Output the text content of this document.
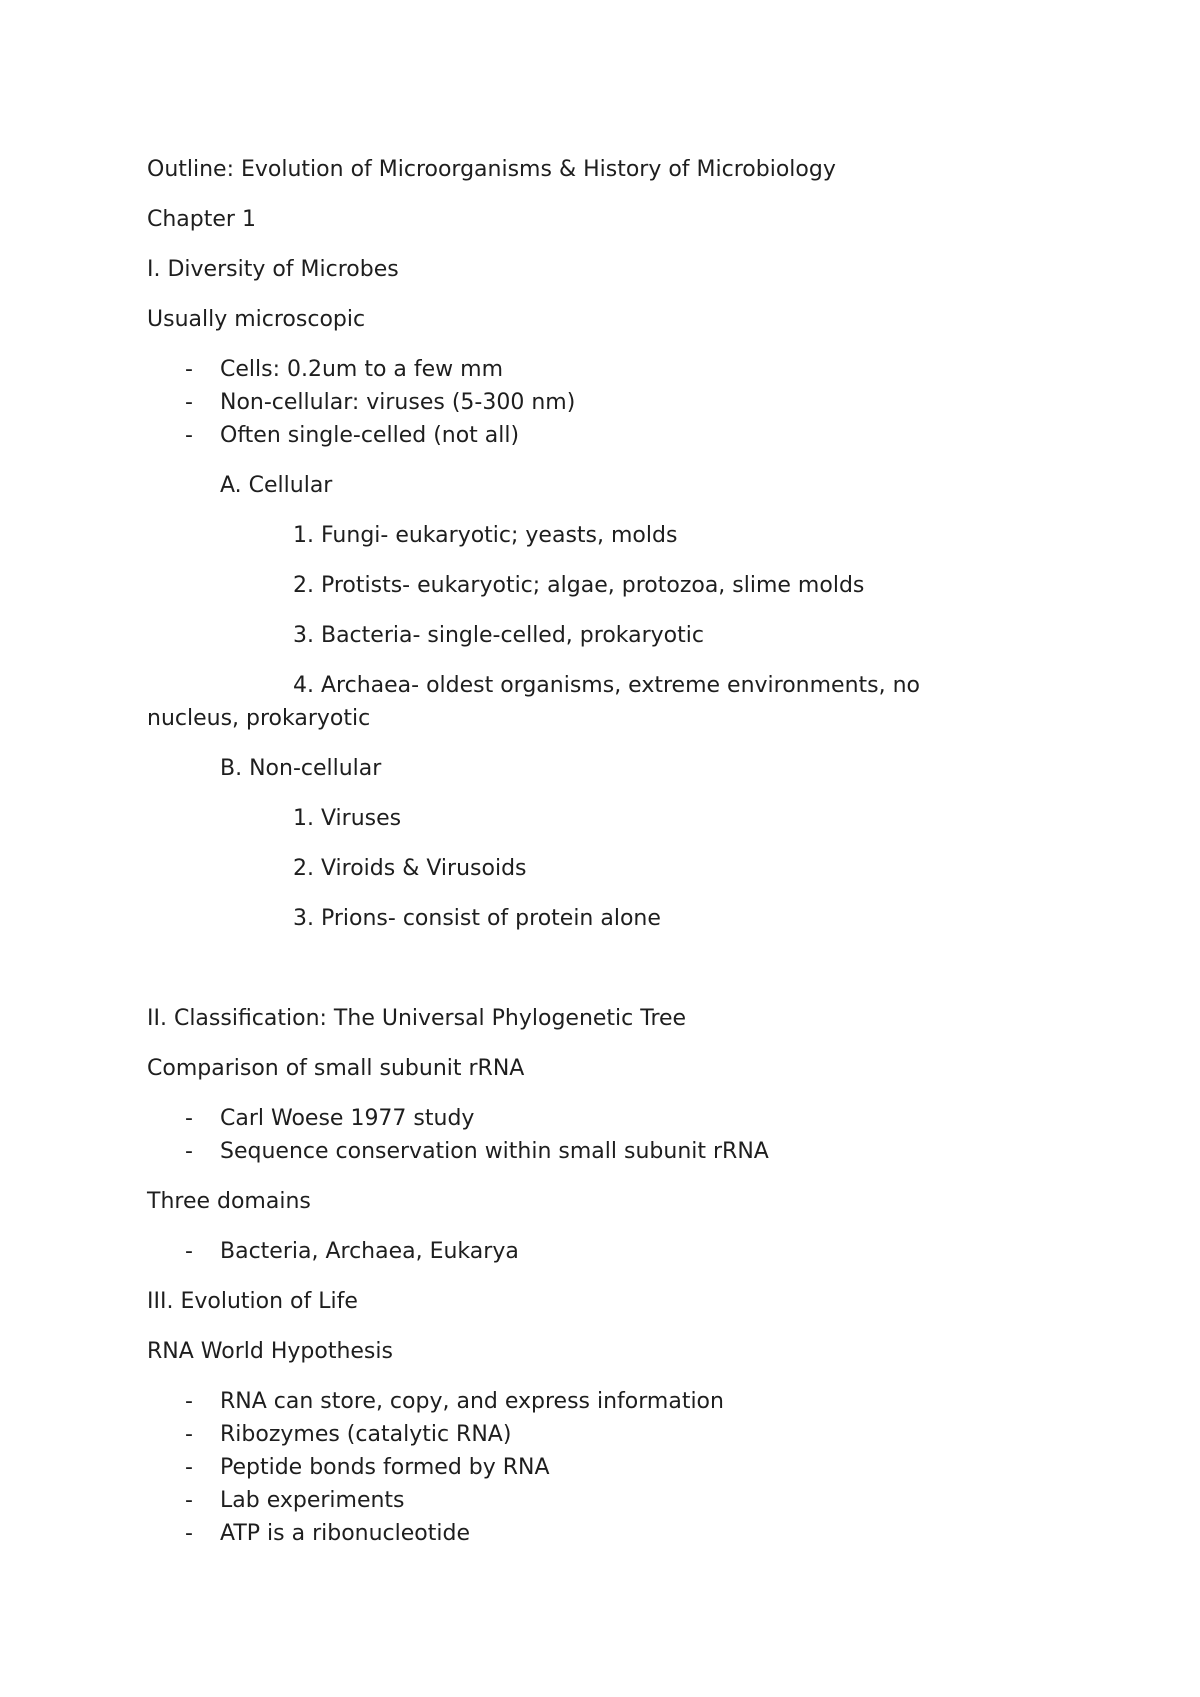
Outline: Evolution of Microorganisms & History of Microbiology

Chapter 1

I. Diversity of Microbes

Usually microscopic

- Cells: 0.2um to a few mm

- Non-cellular: viruses (5-300 nm)

- Often single-celled (not all)

A. Cellular

1. Fungi- eukaryotic; yeasts, molds

2. Protists- eukaryotic; algae, protozoa, slime molds

3. Bacteria- single-celled, prokaryotic

4. Archaea- oldest organisms, extreme environments, no

nucleus, prokaryotic

B. Non-cellular

1. Viruses

2. Viroids & Virusoids

3. Prions- consist of protein alone

II. Classification: The Universal Phylogenetic Tree

Comparison of small subunit rRNA

- Carl Woese 1977 study

- Sequence conservation within small subunit rRNA

Three domains

- Bacteria, Archaea, Eukarya

III. Evolution of Life

RNA World Hypothesis

- RNA can store, copy, and express information

- Ribozymes (catalytic RNA)

- Peptide bonds formed by RNA

- Lab experiments

- ATP is a ribonucleotide
